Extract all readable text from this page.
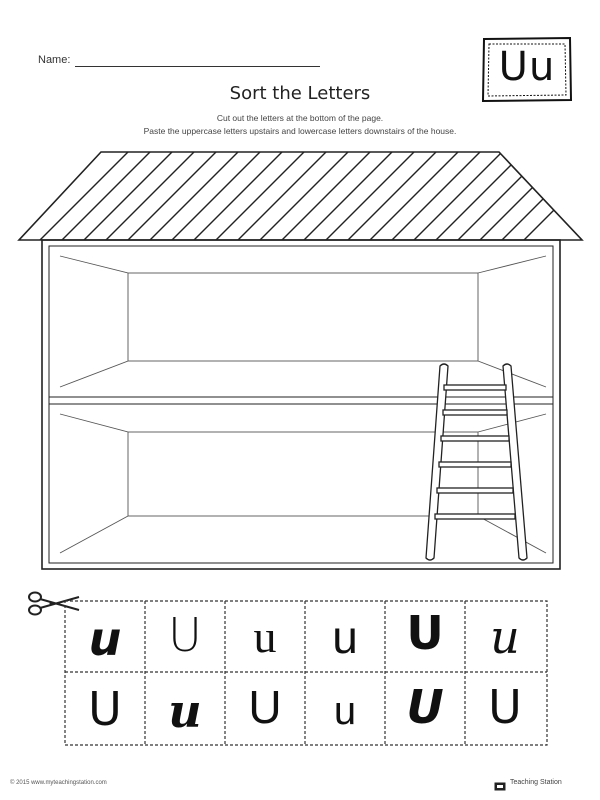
Name:	Uu
Sort the Letters
Cut out the letters at the bottom of the page.
Paste the uppercase letters upstairs and lowercase letters downstairs of the house.
u	U	u	u	U	u
U	u	U	u	U U
© 2015 www.myteachingstation.com	Teaching Station
